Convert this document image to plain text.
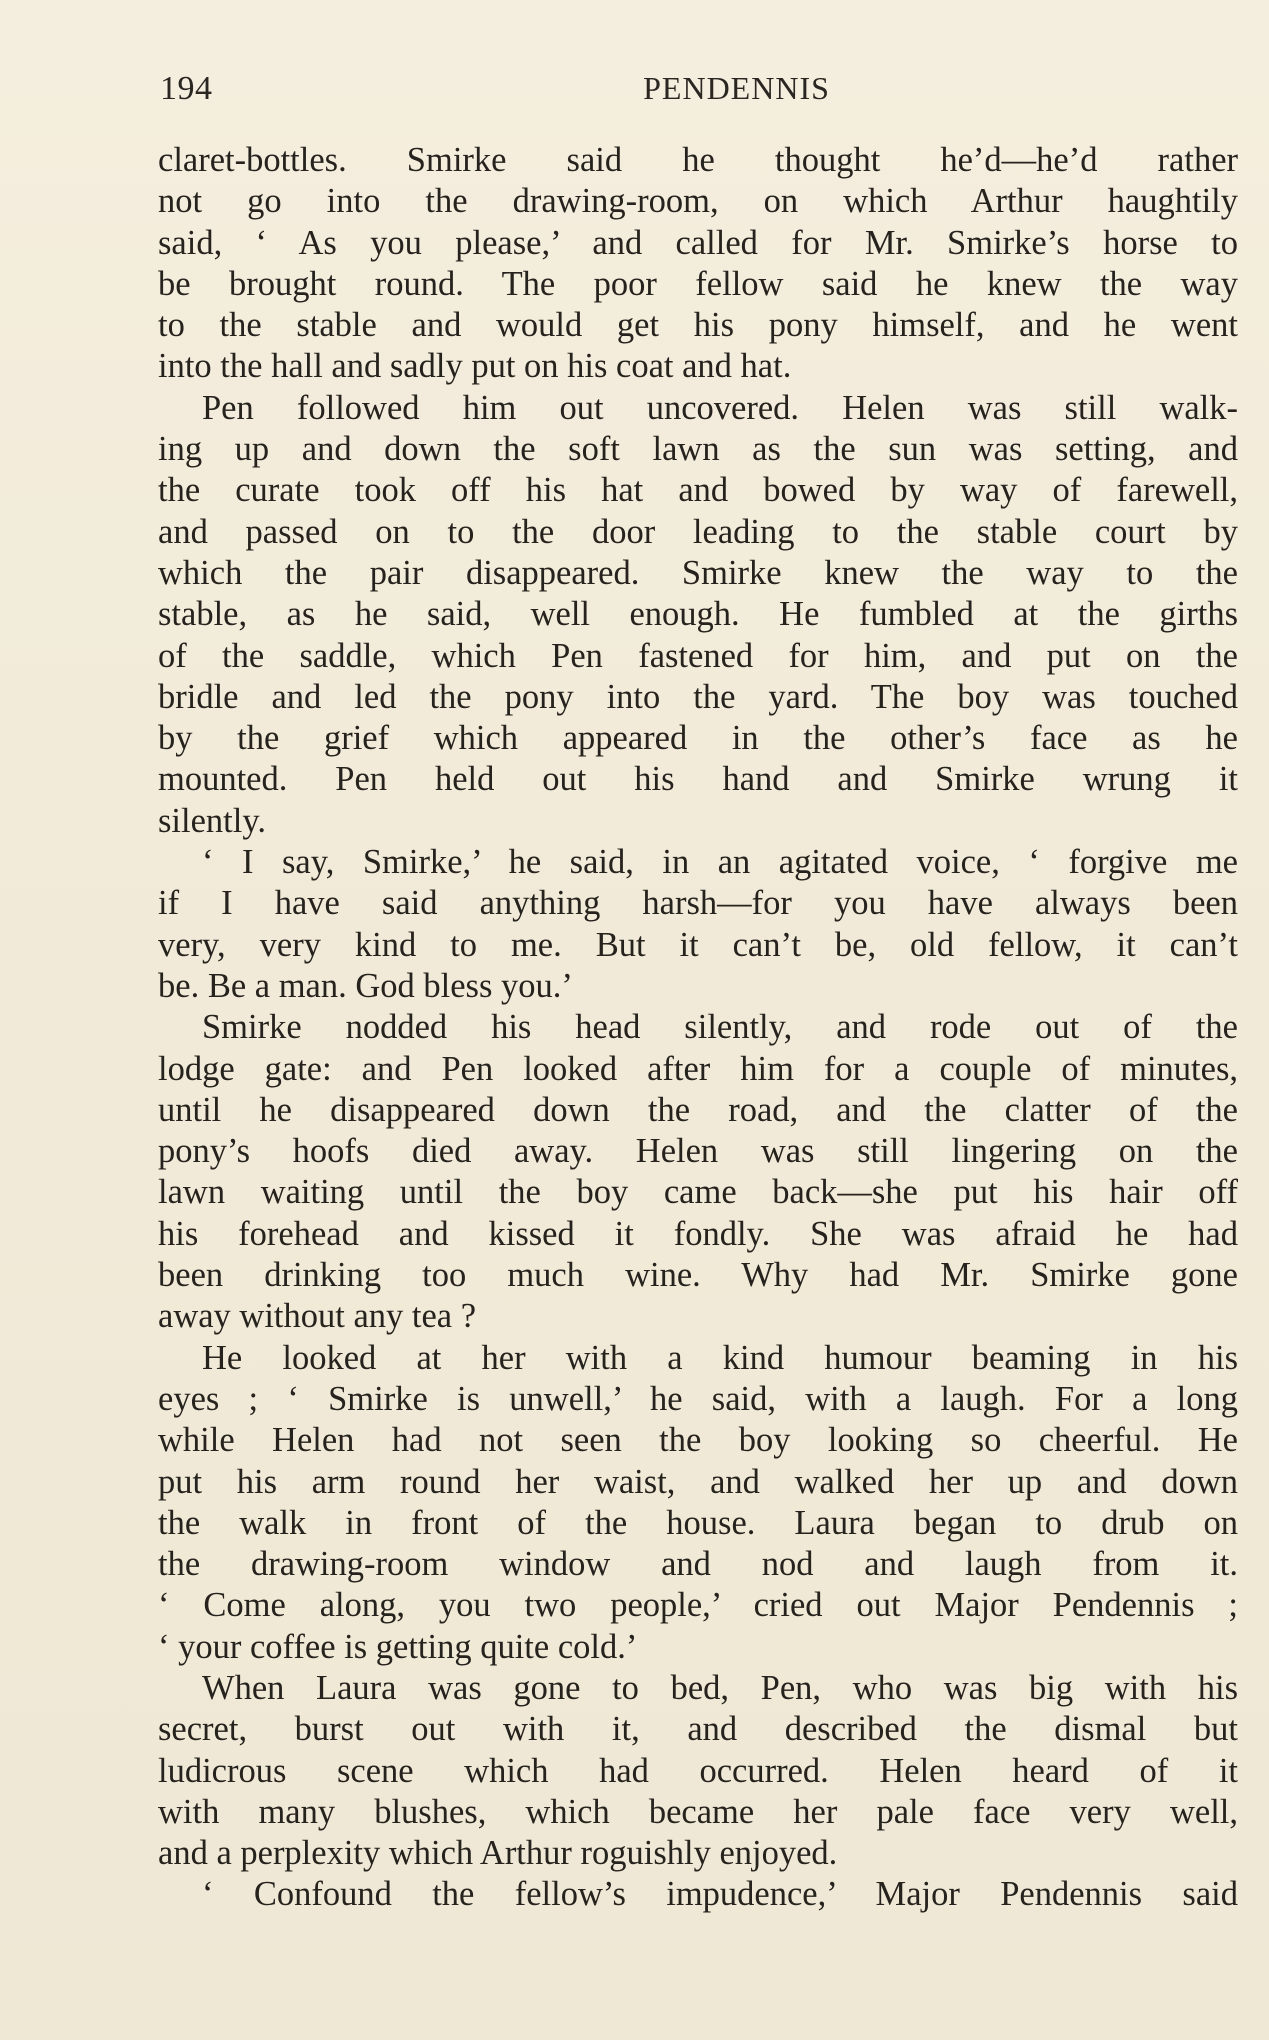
194	PENDENNIS
claret-bottles. Smirke said he thought he’d—he’d rather
not go into the drawing-room, on which Arthur haughtily
said, ‘ As you please,’ and called for Mr. Smirke’s horse to
be brought round. The poor fellow said he knew the way
to the stable and would get his pony himself, and he went
into the hall and sadly put on his coat and hat.
Pen followed him out uncovered. Helen was still walk-
ing up and down the soft lawn as the sun was setting, and
the curate took off his hat and bowed by way of farewell,
and passed on to the door leading to the stable court by
which the pair disappeared. Smirke knew the way to the
stable, as he said, well enough. He fumbled at the girths
of the saddle, which Pen fastened for him, and put on the
bridle and led the pony into the yard. The boy was touched
by the grief which appeared in the other’s face as he
mounted. Pen held out his hand and Smirke wrung it
silently.
‘ I say, Smirke,’ he said, in an agitated voice, ‘ forgive me
if I have said anything harsh—for you have always been
very, very kind to me. But it can’t be, old fellow, it can’t
be. Be a man. God bless you.’
Smirke nodded his head silently, and rode out of the
lodge gate: and Pen looked after him for a couple of minutes,
until he disappeared down the road, and the clatter of the
pony’s hoofs died away. Helen was still lingering on the
lawn waiting until the boy came back—she put his hair off
his forehead and kissed it fondly. She was afraid he had
been drinking too much wine. Why had Mr. Smirke gone
away without any tea ?
He looked at her with a kind humour beaming in his
eyes ; ‘ Smirke is unwell,’ he said, with a laugh. For a long
while Helen had not seen the boy looking so cheerful. He
put his arm round her waist, and walked her up and down
the walk in front of the house. Laura began to drub on
the drawing-room window and nod and laugh from it.
‘ Come along, you two people,’ cried out Major Pendennis ;
‘ your coffee is getting quite cold.’
When Laura was gone to bed, Pen, who was big with his
secret, burst out with it, and described the dismal but
ludicrous scene which had occurred. Helen heard of it
with many blushes, which became her pale face very well,
and a perplexity which Arthur roguishly enjoyed.
‘ Confound the fellow’s impudence,’ Major Pendennis said
